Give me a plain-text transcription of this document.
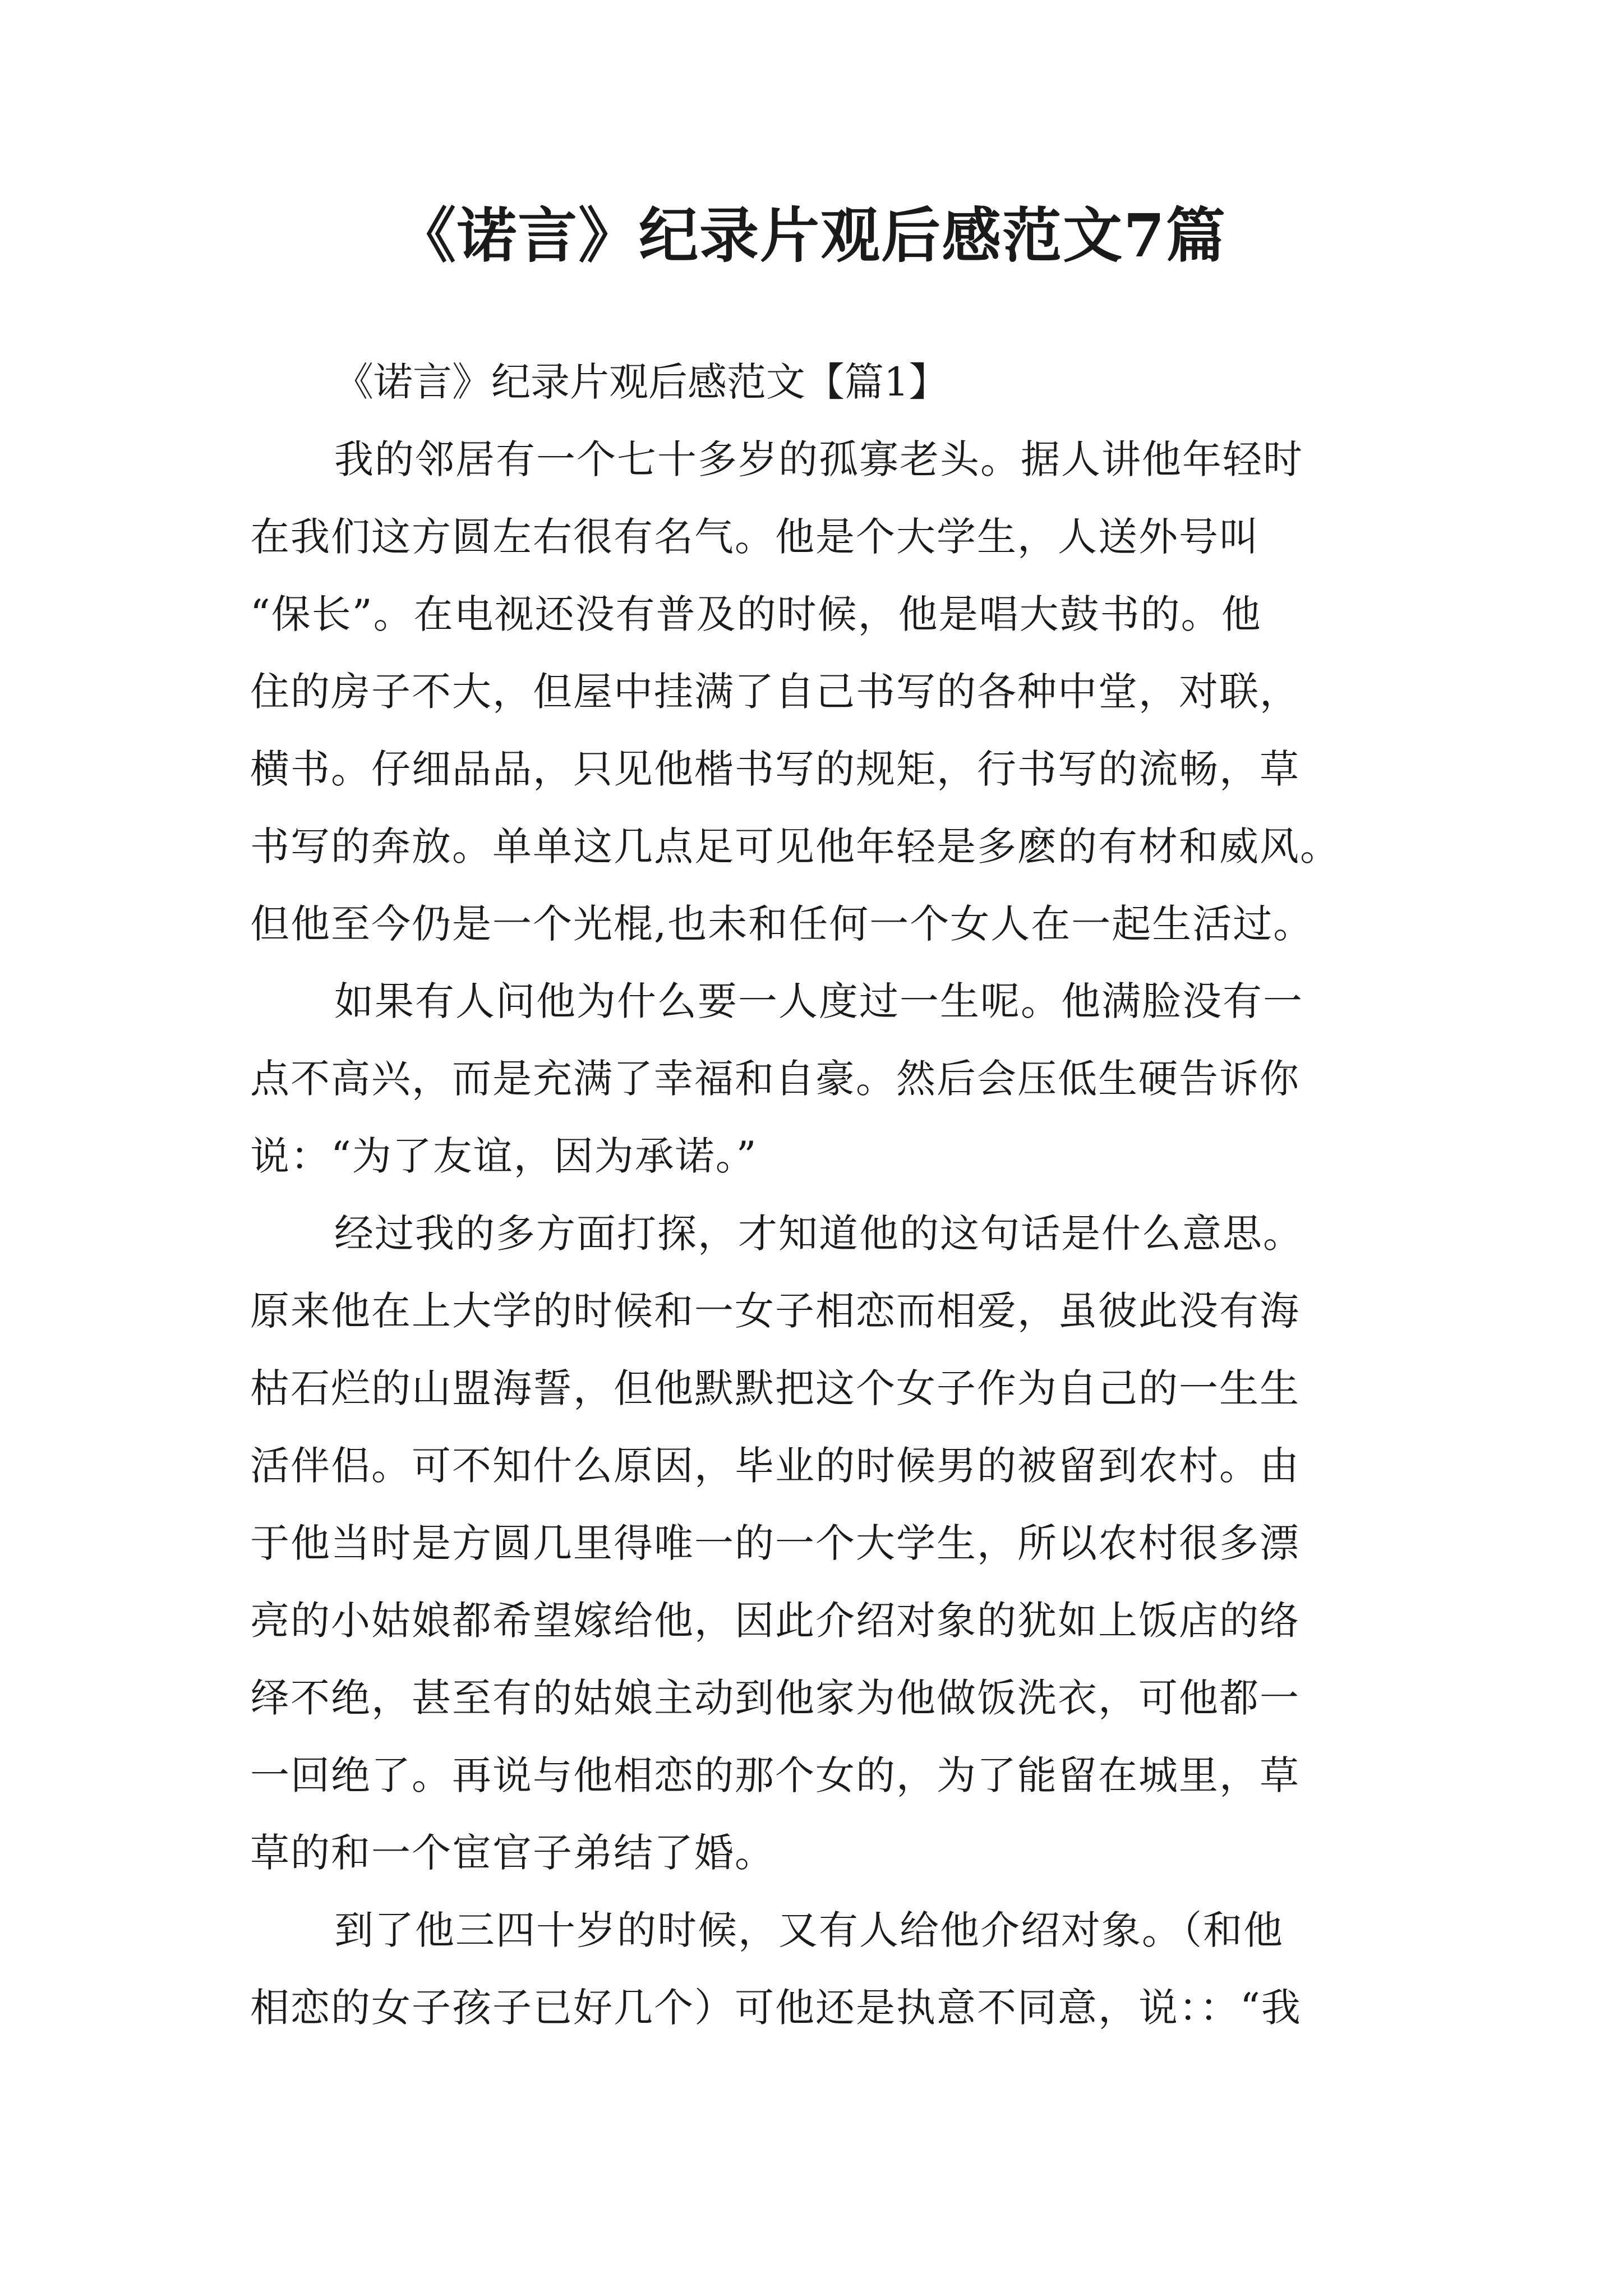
《诺言》纪录片观后感范文7篇
《诺言》纪录片观后感范文【篇1】

我的邻居有一个七十多岁的孤寡老头。据人讲他年轻时
在我们这方圆左右很有名气。他是个大学生，人送外号叫
“保长”。在电视还没有普及的时候，他是唱大鼓书的。他
住的房子不大，但屋中挂满了自己书写的各种中堂，对联，
横书。仔细品品，只见他楷书写的规矩，行书写的流畅，草
书写的奔放。单单这几点足可见他年轻是多麽的有材和威风。
但他至今仍是一个光棍,也未和任何一个女人在一起生活过。

如果有人问他为什么要一人度过一生呢。他满脸没有一
点不高兴，而是充满了幸福和自豪。然后会压低生硬告诉你
说：“为了友谊，因为承诺。”

经过我的多方面打探，才知道他的这句话是什么意思。
原来他在上大学的时候和一女子相恋而相爱，虽彼此没有海
枯石烂的山盟海誓，但他默默把这个女子作为自己的一生生
活伴侣。可不知什么原因，毕业的时候男的被留到农村。由
于他当时是方圆几里得唯一的一个大学生，所以农村很多漂
亮的小姑娘都希望嫁给他，因此介绍对象的犹如上饭店的络
绎不绝，甚至有的姑娘主动到他家为他做饭洗衣，可他都一
一回绝了。再说与他相恋的那个女的，为了能留在城里，草
草的和一个宦官子弟结了婚。

到了他三四十岁的时候，又有人给他介绍对象。（和他
相恋的女子孩子已好几个）可他还是执意不同意，说：：“我
